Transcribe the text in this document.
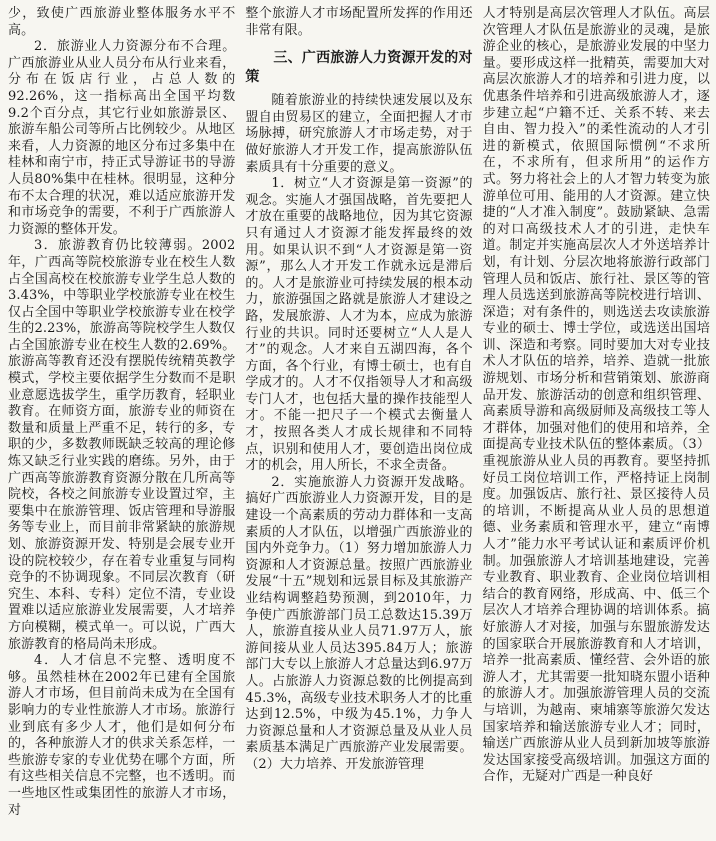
少，致使广西旅游业整体服务水平不高。

2．旅游业人力资源分布不合理。广西旅游业从业人员分布从行业来看，分布在饭店行业，占总人数的92.26%，这一指标高出全国平均数9.2个百分点，其它行业如旅游景区、旅游车船公司等所占比例较少。从地区来看，人力资源的地区分布过多集中在桂林和南宁市，持正式导游证书的导游人员80%集中在桂林。很明显，这种分布不太合理的状况，难以适应旅游开发和市场竞争的需要，不利于广西旅游人力资源的整体开发。

3．旅游教育仍比较薄弱。2002年，广西高等院校旅游专业在校生人数占全国高校在校旅游专业学生总人数的3.43%，中等职业学校旅游专业在校生仅占全国中等职业学校旅游专业在校学生的2.23%，旅游高等院校学生人数仅占全国旅游专业在校生人数的2.69%。旅游高等教育还没有摆脱传统精英教学模式，学校主要依据学生分数而不是职业意愿选拔学生，重学历教育，轻职业教育。在师资方面，旅游专业的师资在数量和质量上严重不足，转行的多，专职的少，多数教师既缺乏较高的理论修炼又缺乏行业实践的磨练。另外，由于广西高等旅游教育资源分散在几所高等院校，各校之间旅游专业设置过窄，主要集中在旅游管理、饭店管理和导游服务等专业上，而目前非常紧缺的旅游规划、旅游资源开发、特别是会展专业开设的院校较少，存在着专业重复与同构竞争的不协调现象。不同层次教育（研究生、本科、专科）定位不清，专业设置难以适应旅游业发展需要，人才培养方向模糊，模式单一。可以说，广西大旅游教育的格局尚未形成。

4．人才信息不完整、透明度不够。虽然桂林在2002年已建有全国旅游人才市场，但目前尚未成为在全国有影响力的专业性旅游人才市场。旅游行业到底有多少人才，他们是如何分布的，各种旅游人才的供求关系怎样，一些旅游专家的专业优势在哪个方面，所有这些相关信息不完整，也不透明。而一些地区性或集团性的旅游人才市场，对

整个旅游人才市场配置所发挥的作用还非常有限。

三、广西旅游人力资源开发的对策

随着旅游业的持续快速发展以及东盟自由贸易区的建立，全面把握人才市场脉搏，研究旅游人才市场走势，对于做好旅游人才开发工作，提高旅游队伍素质具有十分重要的意义。

1．树立“人才资源是第一资源”的观念。实施人才强国战略，首先要把人才放在重要的战略地位，因为其它资源只有通过人才资源才能发挥最终的效用。如果认识不到“人才资源是第一资源”，那么人才开发工作就永远是滞后的。人才是旅游业可持续发展的根本动力，旅游强国之路就是旅游人才建设之路，发展旅游、人才为本，应成为旅游行业的共识。同时还要树立“人人是人才”的观念。人才来自五湖四海，各个方面，各个行业，有博士硕士，也有自学成才的。人才不仅指领导人才和高级专门人才，也包括大量的操作技能型人才。不能一把尺子一个模式去衡量人才，按照各类人才成长规律和不同特点，识别和使用人才，要创造出岗位成才的机会，用人所长，不求全责备。

2．实施旅游人力资源开发战略。搞好广西旅游业人力资源开发，目的是建设一个高素质的劳动力群体和一支高素质的人才队伍，以增强广西旅游业的国内外竞争力。（1）努力增加旅游人力资源和人才资源总量。按照广西旅游业发展“十五”规划和远景目标及其旅游产业结构调整趋势预测，到2010年，力争使广西旅游部门员工总数达15.39万人，旅游直接从业人员71.97万人，旅游间接从业人员达395.84万人；旅游部门大专以上旅游人才总量达到6.97万人。占旅游人力资源总数的比例提高到45.3%，高级专业技术职务人才的比重达到12.5%，中级为45.1%，力争人力资源总量和人才资源总量及从业人员素质基本满足广西旅游产业发展需要。（2）大力培养、开发旅游管理

人才特别是高层次管理人才队伍。高层次管理人才队伍是旅游业的灵魂，是旅游企业的核心，是旅游业发展的中坚力量。要形成这样一批精英，需要加大对高层次旅游人才的培养和引进力度，以优惠条件培养和引进高级旅游人才，逐步建立起“户籍不迁、关系不转、来去自由、智力投入”的柔性流动的人才引进的新模式，依照国际惯例“不求所在，不求所有，但求所用”的运作方式。努力将社会上的人才智力转变为旅游单位可用、能用的人才资源。建立快捷的“人才准入制度”。鼓励紧缺、急需的对口高级技术人才的引进，走快车道。制定并实施高层次人才外送培养计划，有计划、分层次地将旅游行政部门管理人员和饭店、旅行社、景区等的管理人员选送到旅游高等院校进行培训、深造；对有条件的，则选送去攻读旅游专业的硕士、博士学位，或选送出国培训、深造和考察。同时要加大对专业技术人才队伍的培养，培养、造就一批旅游规划、市场分析和营销策划、旅游商品开发、旅游活动的创意和组织管理、高素质导游和高级厨师及高级技工等人才群体，加强对他们的使用和培养，全面提高专业技术队伍的整体素质。（3）重视旅游从业人员的再教育。要坚持抓好员工岗位培训工作，严格持证上岗制度。加强饭店、旅行社、景区接待人员的培训，不断提高从业人员的思想道德、业务素质和管理水平，建立“南博人才”能力水平考试认证和素质评价机制。加强旅游人才培训基地建设，完善专业教育、职业教育、企业岗位培训相结合的教育网络，形成高、中、低三个层次人才培养合理协调的培训体系。搞好旅游人才对接，加强与东盟旅游发达的国家联合开展旅游教育和人才培训，培养一批高素质、懂经营、会外语的旅游人才，尤其需要一批知晓东盟小语种的旅游人才。加强旅游管理人员的交流与培训，为越南、柬埔寨等旅游欠发达国家培养和输送旅游专业人才；同时，输送广西旅游从业人员到新加坡等旅游发达国家接受高级培训。加强这方面的合作，无疑对广西是一种良好
